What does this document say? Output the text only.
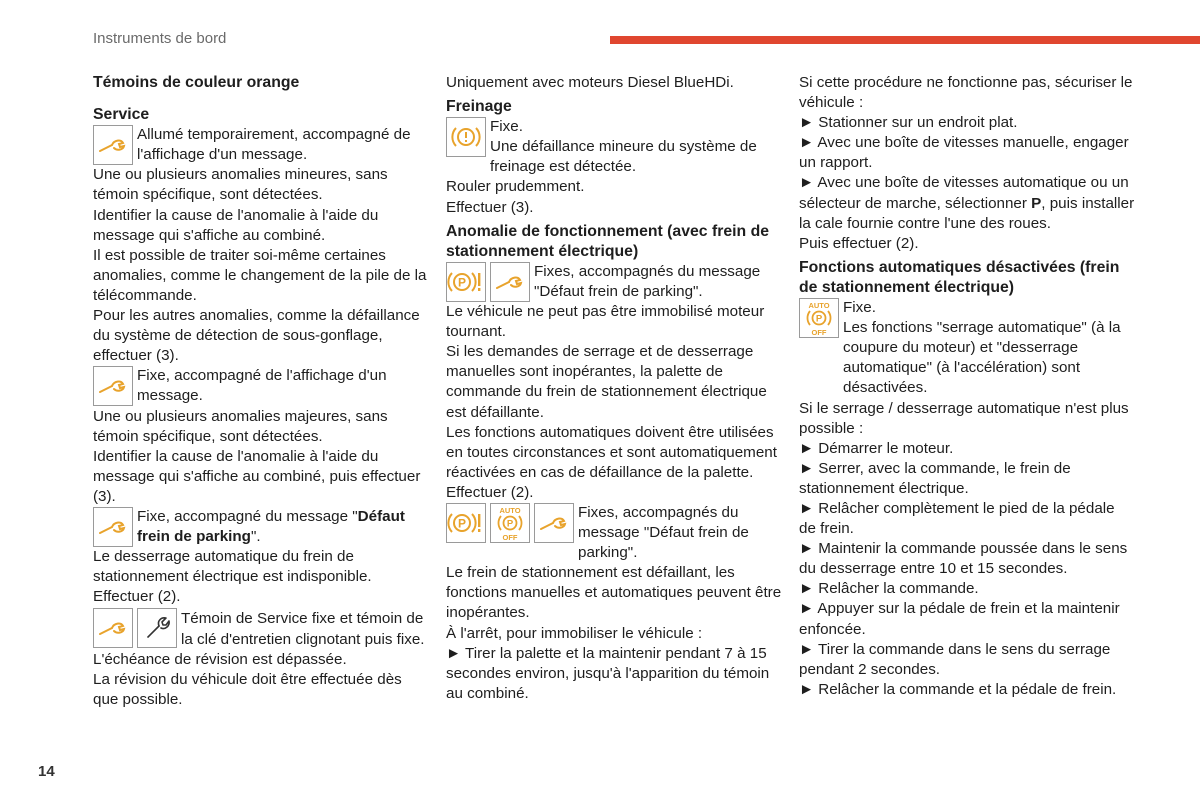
Instruments de bord

Témoins de couleur orange

Service

Allumé temporairement, accompagné de l'affichage d'un message.

Une ou plusieurs anomalies mineures, sans témoin spécifique, sont détectées.

Identifier la cause de l'anomalie à l'aide du message qui s'affiche au combiné.

Il est possible de traiter soi-même certaines anomalies, comme le changement de la pile de la télécommande.

Pour les autres anomalies, comme la défaillance du système de détection de sous-gonflage, effectuer (3).

Fixe, accompagné de l'affichage d'un message.

Une ou plusieurs anomalies majeures, sans témoin spécifique, sont détectées.

Identifier la cause de l'anomalie à l'aide du message qui s'affiche au combiné, puis effectuer (3).

Fixe, accompagné du message "Défaut frein de parking".

Le desserrage automatique du frein de stationnement électrique est indisponible.

Effectuer (2).

Témoin de Service fixe et témoin de la clé d'entretien clignotant puis fixe.

L'échéance de révision est dépassée.

La révision du véhicule doit être effectuée dès que possible.

Uniquement avec moteurs Diesel BlueHDi.

Freinage

Fixe.
Une défaillance mineure du système de freinage est détectée.

Rouler prudemment.

Effectuer (3).

Anomalie de fonctionnement (avec frein de stationnement électrique)

P

Fixes, accompagnés du message "Défaut frein de parking".

Le véhicule ne peut pas être immobilisé moteur tournant.

Si les demandes de serrage et de desserrage manuelles sont inopérantes, la palette de commande du frein de stationnement électrique est défaillante.

Les fonctions automatiques doivent être utilisées en toutes circonstances et sont automatiquement réactivées en cas de défaillance de la palette.

Effectuer (2).

P
AUTO
P
OFF

Fixes, accompagnés du message "Défaut frein de parking".

Le frein de stationnement est défaillant, les fonctions manuelles et automatiques peuvent être inopérantes.

À l'arrêt, pour immobiliser le véhicule :

► Tirer la palette et la maintenir pendant 7 à 15 secondes environ, jusqu'à l'apparition du témoin au combiné.

Si cette procédure ne fonctionne pas, sécuriser le véhicule :

► Stationner sur un endroit plat.

► Avec une boîte de vitesses manuelle, engager un rapport.

► Avec une boîte de vitesses automatique ou un sélecteur de marche, sélectionner P, puis installer la cale fournie contre l'une des roues.

Puis effectuer (2).

Fonctions automatiques désactivées (frein de stationnement électrique)

AUTO
P
OFF

Fixe.
Les fonctions "serrage automatique" (à la coupure du moteur) et "desserrage automatique" (à l'accélération) sont désactivées.

Si le serrage / desserrage automatique n'est plus possible :

► Démarrer le moteur.

► Serrer, avec la commande, le frein de stationnement électrique.

► Relâcher complètement le pied de la pédale de frein.

► Maintenir la commande poussée dans le sens du desserrage entre 10 et 15 secondes.

► Relâcher la commande.

► Appuyer sur la pédale de frein et la maintenir enfoncée.

► Tirer la commande dans le sens du serrage pendant 2 secondes.

► Relâcher la commande et la pédale de frein.

14
